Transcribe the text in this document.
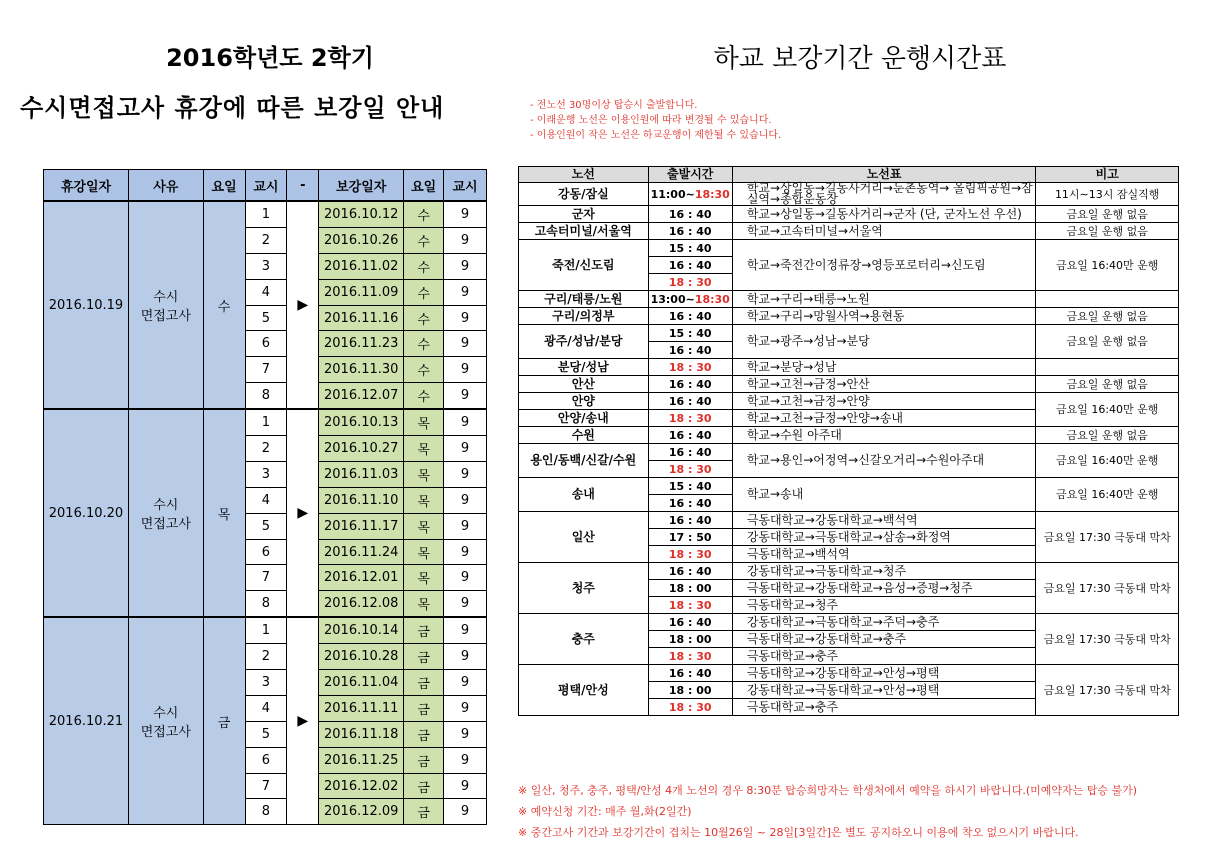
2016학년도 2학기
수시면접고사 휴강에 따른 보강일 안내
하교 보강기간 운행시간표
- 전노선 30명이상 탑승시 출발합니다.
- 이래운행 노선은 이용인원에 따라 변경될 수 있습니다.
- 이용인원이 작은 노선은 하교운행이 제한될 수 있습니다.
휴강일자	사유	요일	교시	-	보강일자	요일	교시
2016.10.19	수시
면접고사	수	1	▶	2016.10.12	수	9
			2		2016.10.26	수	9
			3		2016.11.02	수	9
			4		2016.11.09	수	9
			5		2016.11.16	수	9
			6		2016.11.23	수	9
			7		2016.11.30	수	9
			8		2016.12.07	수	9
2016.10.20	수시
면접고사	목	1	▶	2016.10.13	목	9
			2		2016.10.27	목	9
			3		2016.11.03	목	9
			4		2016.11.10	목	9
			5		2016.11.17	목	9
			6		2016.11.24	목	9
			7		2016.12.01	목	9
			8		2016.12.08	목	9
2016.10.21	수시
면접고사	금	1	▶	2016.10.14	금	9
			2		2016.10.28	금	9
			3		2016.11.04	금	9
			4		2016.11.11	금	9
			5		2016.11.18	금	9
			6		2016.11.25	금	9
			7		2016.12.02	금	9
			8		2016.12.09	금	9
노선	출발시간	노선표	비고
강동/잠실	11:00∼18:30	학교→상일동→길동사거리→둔촌동역→ 올림픽공원→잠실역→종합운동장	11시∼13시 잠실직행
군자	16 : 40	학교→상일동→길동사거리→군자 (단, 군자노선 우선)	금요일 운행 없음
고속터미널/서울역	16 : 40	학교→고속터미널→서울역	금요일 운행 없음
죽전/신도림	15 : 40	학교→죽전간이정류장→영등포로터리→신도림	금요일 16:40만 운행
	16 : 40		
	18 : 30		
구리/태릉/노원	13:00∼18:30	학교→구리→태릉→노원	
구리/의정부	16 : 40	학교→구리→망월사역→용현동	금요일 운행 없음
광주/성남/분당	15 : 40	학교→광주→성남→분당	금요일 운행 없음
	16 : 40		
분당/성남	18 : 30	학교→분당→성남	
안산	16 : 40	학교→고천→금정→안산	금요일 운행 없음
안양	16 : 40	학교→고천→금정→안양	금요일 16:40만 운행
안양/송내	18 : 30	학교→고천→금정→안양→송내	
수원	16 : 40	학교→수원 아주대	금요일 운행 없음
용인/동백/신갈/수원	16 : 40	학교→용인→어정역→신갈오거리→수원아주대	금요일 16:40만 운행
	18 : 30		
송내	15 : 40	학교→송내	금요일 16:40만 운행
	16 : 40		
일산	16 : 40	극동대학교→강동대학교→백석역	금요일 17:30 극동대 막차
	17 : 50	강동대학교→극동대학교→삼송→화정역	
	18 : 30	극동대학교→백석역	
청주	16 : 40	강동대학교→극동대학교→청주	금요일 17:30 극동대 막차
	18 : 00	극동대학교→강동대학교→음성→증평→청주	
	18 : 30	극동대학교→청주	
충주	16 : 40	강동대학교→극동대학교→주덕→충주	금요일 17:30 극동대 막차
	18 : 00	극동대학교→강동대학교→충주	
	18 : 30	극동대학교→충주	
평택/안성	16 : 40	극동대학교→강동대학교→안성→평택	금요일 17:30 극동대 막차
	18 : 00	강동대학교→극동대학교→안성→평택	
	18 : 30	극동대학교→충주	
※ 일산, 청주, 충주, 평택/안성 4개 노선의 경우 8:30분 탑승희망자는 학생처에서 예약을 하시기 바랍니다.(미예약자는 탑승 불가)
※ 예약신청 기간: 매주 월,화(2일간)
※ 중간고사 기간과 보강기간이 겹치는 10월26일 ~ 28일[3일간]은 별도 공지하오니 이용에 착오 없으시기 바랍니다.
